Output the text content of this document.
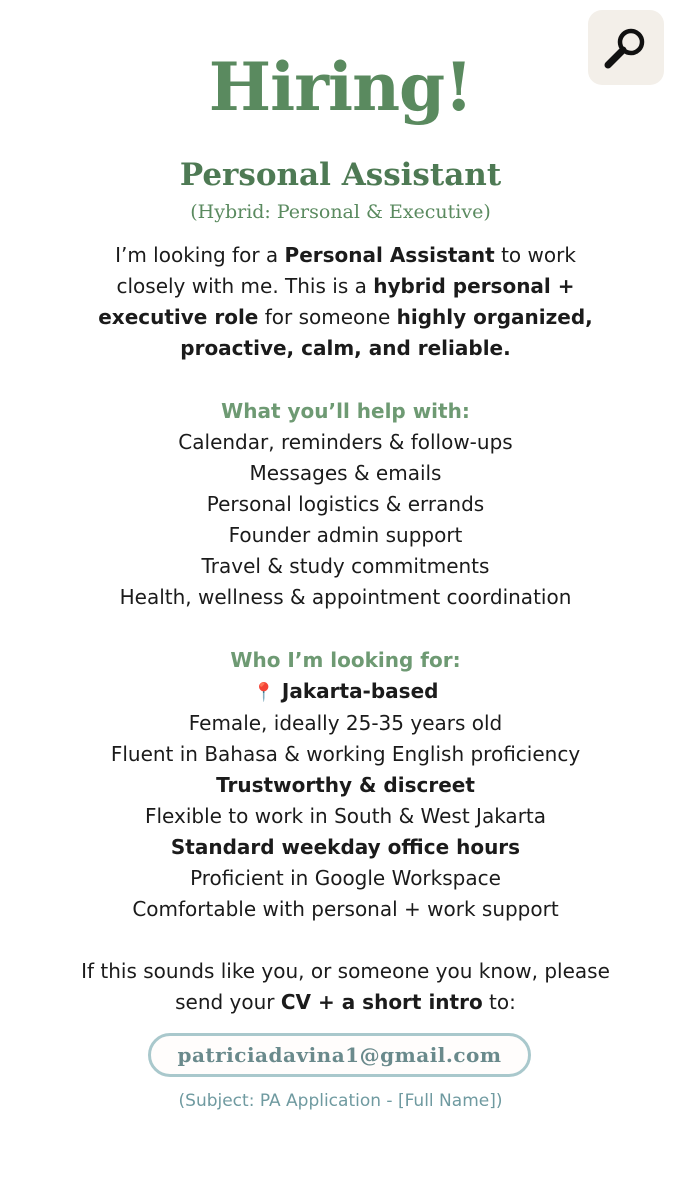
Hiring!
Personal Assistant
(Hybrid: Personal & Executive)
I’m looking for a Personal Assistant to work closely with me. This is a hybrid personal + executive role for someone highly organized, proactive, calm, and reliable.
What you’ll help with:
Calendar, reminders & follow-ups
Messages & emails
Personal logistics & errands
Founder admin support
Travel & study commitments
Health, wellness & appointment coordination
Who I’m looking for:
📍 Jakarta-based
Female, ideally 25-35 years old
Fluent in Bahasa & working English proficiency
Trustworthy & discreet
Flexible to work in South & West Jakarta
Standard weekday office hours
Proficient in Google Workspace
Comfortable with personal + work support
If this sounds like you, or someone you know, please send your CV + a short intro to:
patriciadavina1@gmail.com
(Subject: PA Application - [Full Name])
